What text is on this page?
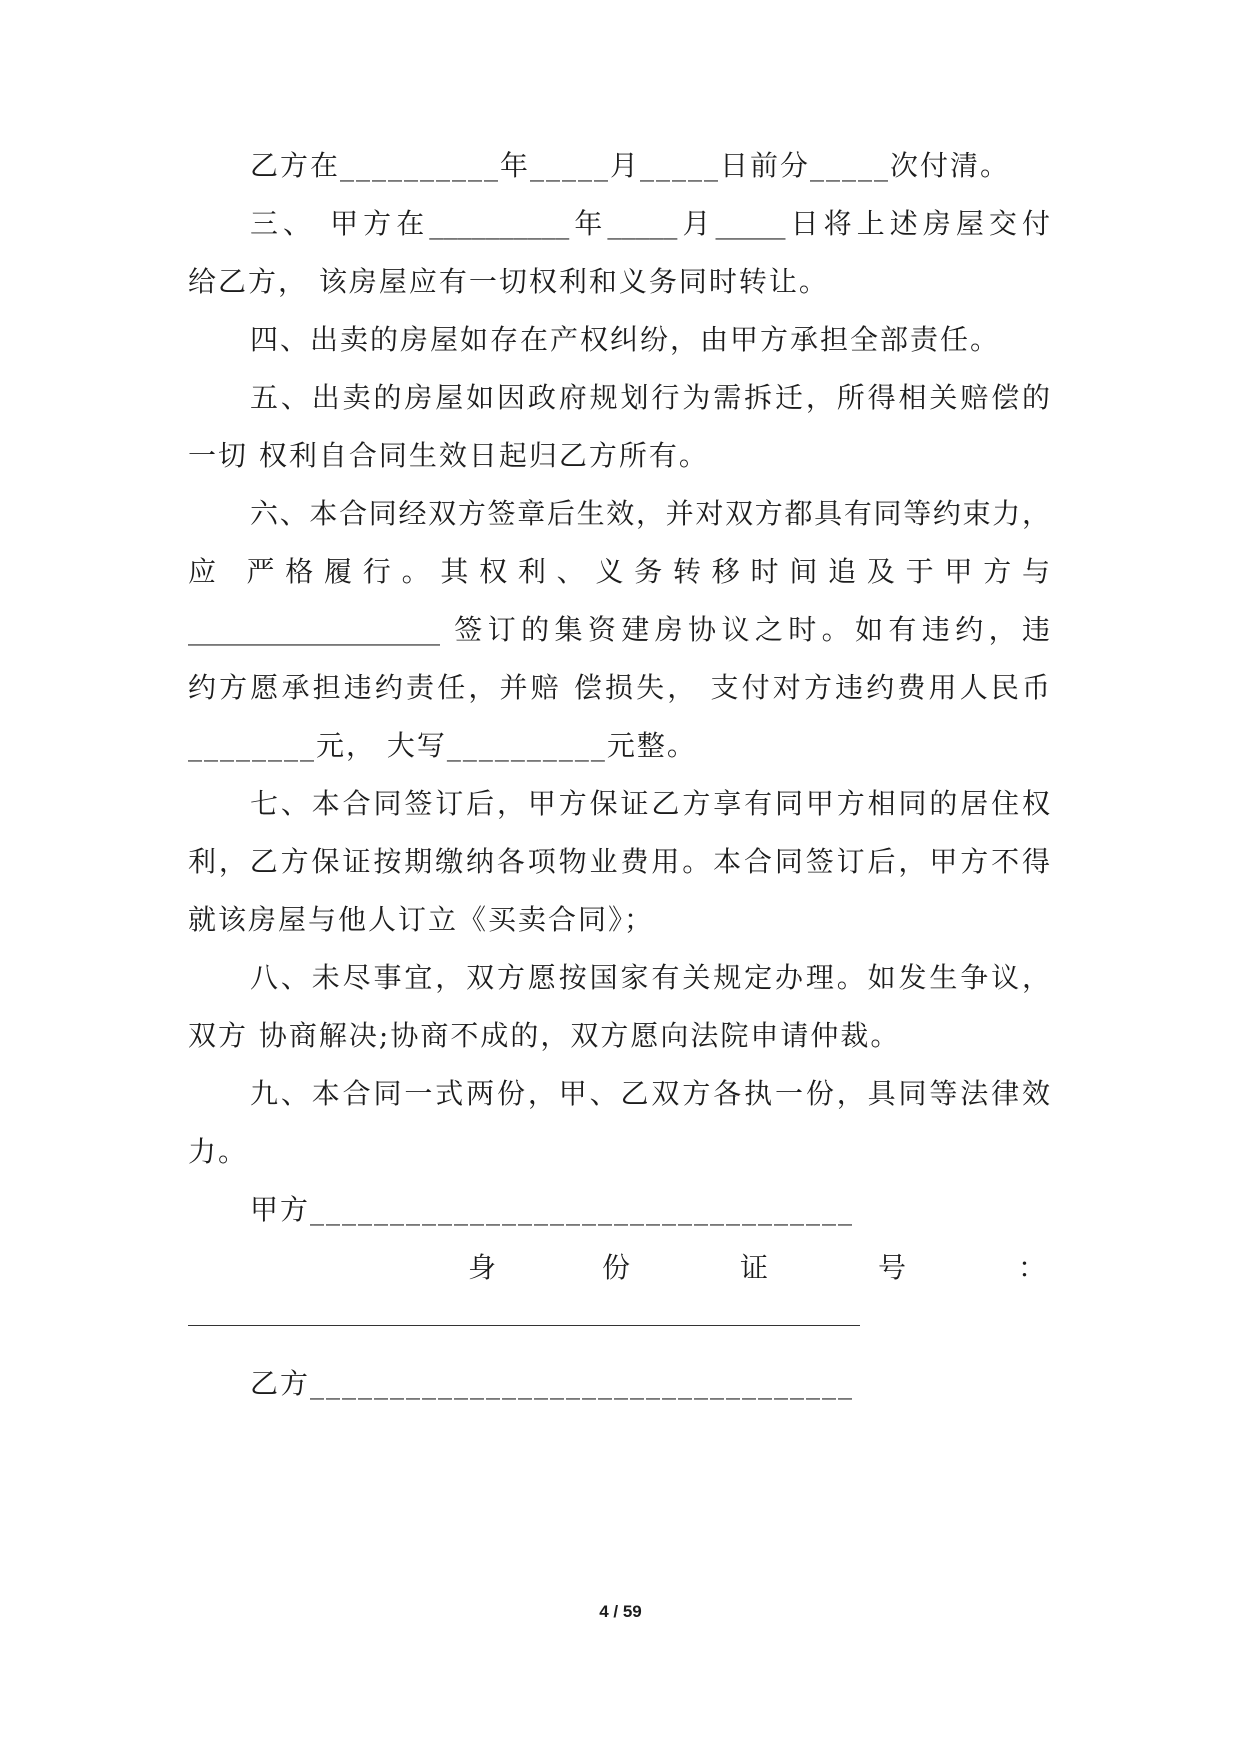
乙方在__________年_____月_____日前分_____次付清。
三、 甲方在__________年_____月_____日将上述房屋交付
给乙方， 该房屋应有一切权利和义务同时转让。
四、出卖的房屋如存在产权纠纷，由甲方承担全部责任。
五、出卖的房屋如因政府规划行为需拆迁，所得相关赔偿的
一切 权利自合同生效日起归乙方所有。
六、本合同经双方签章后生效，并对双方都具有同等约束力，
应 严格履行。其权利、义务转移时间追及于甲方与
__________________ 签订的集资建房协议之时。如有违约，违
约方愿承担违约责任，并赔 偿损失， 支付对方违约费用人民币
________元， 大写__________元整。
七、本合同签订后，甲方保证乙方享有同甲方相同的居住权
利，乙方保证按期缴纳各项物业费用。本合同签订后，甲方不得
就该房屋与他人订立《买卖合同》；
八、未尽事宜，双方愿按国家有关规定办理。如发生争议，
双方 协商解决;协商不成的，双方愿向法院申请仲裁。
九、本合同一式两份，甲、乙双方各执一份，具同等法律效
力。
甲方__________________________________
身	份	证	号	：
乙方__________________________________
4 / 59
